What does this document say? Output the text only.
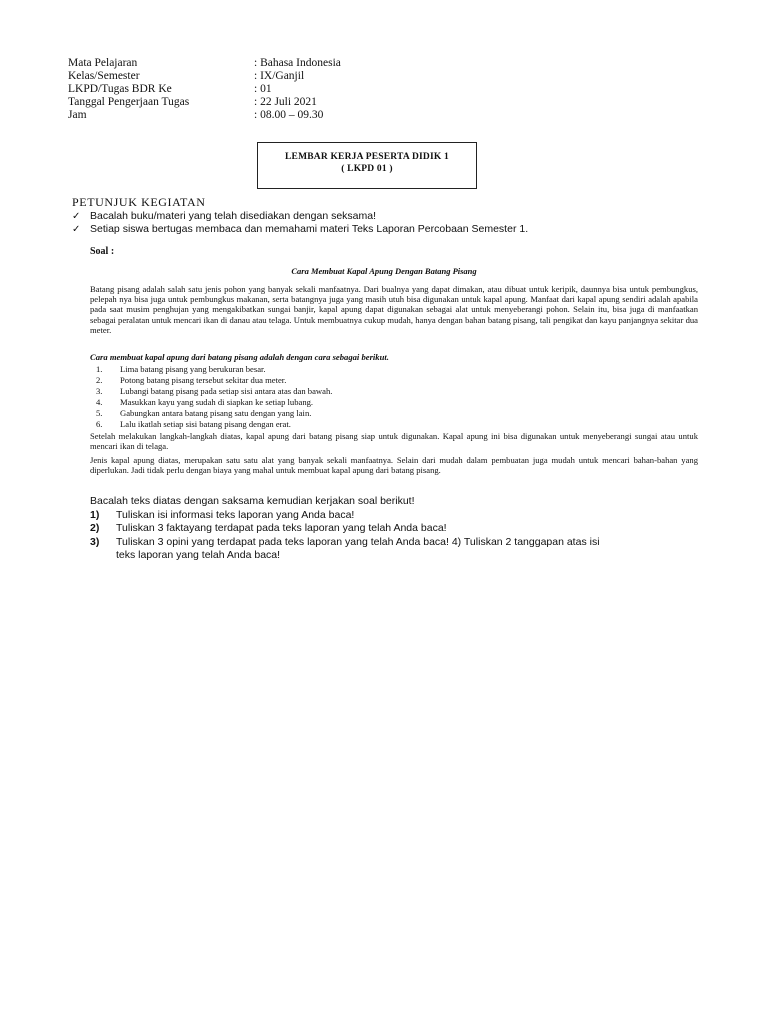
Mata Pelajaran	: Bahasa Indonesia
Kelas/Semester	: IX/Ganjil
LKPD/Tugas BDR Ke	: 01
Tanggal Pengerjaan Tugas	: 22 Juli 2021
Jam	: 08.00 – 09.30
LEMBAR KERJA PESERTA DIDIK 1
( LKPD 01 )
PETUNJUK KEGIATAN
✓ Bacalah buku/materi yang telah disediakan dengan seksama!
✓ Setiap siswa bertugas membaca dan memahami materi Teks Laporan Percobaan Semester 1.
Soal :
Cara Membuat Kapal Apung Dengan Batang Pisang
Batang pisang adalah salah satu jenis pohon yang banyak sekali manfaatnya. Dari bualnya yang dapat dimakan, atau dibuat untuk keripik, daunnya bisa untuk pembungkus, pelepah nya bisa juga untuk pembungkus makanan, serta batangnya juga yang masih utuh bisa digunakan untuk kapal apung. Manfaat dari kapal apung sendiri adalah apabila pada saat musim penghujan yang mengakibatkan sungai banjir, kapal apung dapat digunakan sebagai alat untuk menyeberangi pohon. Selain itu, bisa juga di manfaatkan sebagai peralatan untuk mencari ikan di danau atau telaga. Untuk membuatnya cukup mudah, hanya dengan bahan batang pisang, tali pengikat dan kayu panjangnya sekitar dua meter.
Cara membuat kapal apung dari batang pisang adalah dengan cara sebagai berikut.
1.	Lima batang pisang yang berukuran besar.
2.	Potong batang pisang tersebut sekitar dua meter.
3.	Lubangi batang pisang pada setiap sisi antara atas dan bawah.
4.	Masukkan kayu yang sudah di siapkan ke setiap lubang.
5.	Gabungkan antara batang pisang satu dengan yang lain.
6.	Lalu ikatlah setiap sisi batang pisang dengan erat.
Setelah melakukan langkah-langkah diatas, kapal apung dari batang pisang siap untuk digunakan. Kapal apung ini bisa digunakan untuk menyeberangi sungai atau untuk mencari ikan di telaga.
Jenis kapal apung diatas, merupakan satu satu alat yang banyak sekali manfaatnya. Selain dari mudah dalam pembuatan juga mudah untuk mencari bahan-bahan yang diperlukan. Jadi tidak perlu dengan biaya yang mahal untuk membuat kapal apung dari batang pisang.
Bacalah teks diatas dengan saksama kemudian kerjakan soal berikut!
1) Tuliskan isi informasi teks laporan yang Anda baca!
2) Tuliskan 3 faktayang terdapat pada teks laporan yang telah Anda baca!
3) Tuliskan 3 opini yang terdapat pada teks laporan yang telah Anda baca! 4) Tuliskan 2 tanggapan atas isi
teks laporan yang telah Anda baca!
